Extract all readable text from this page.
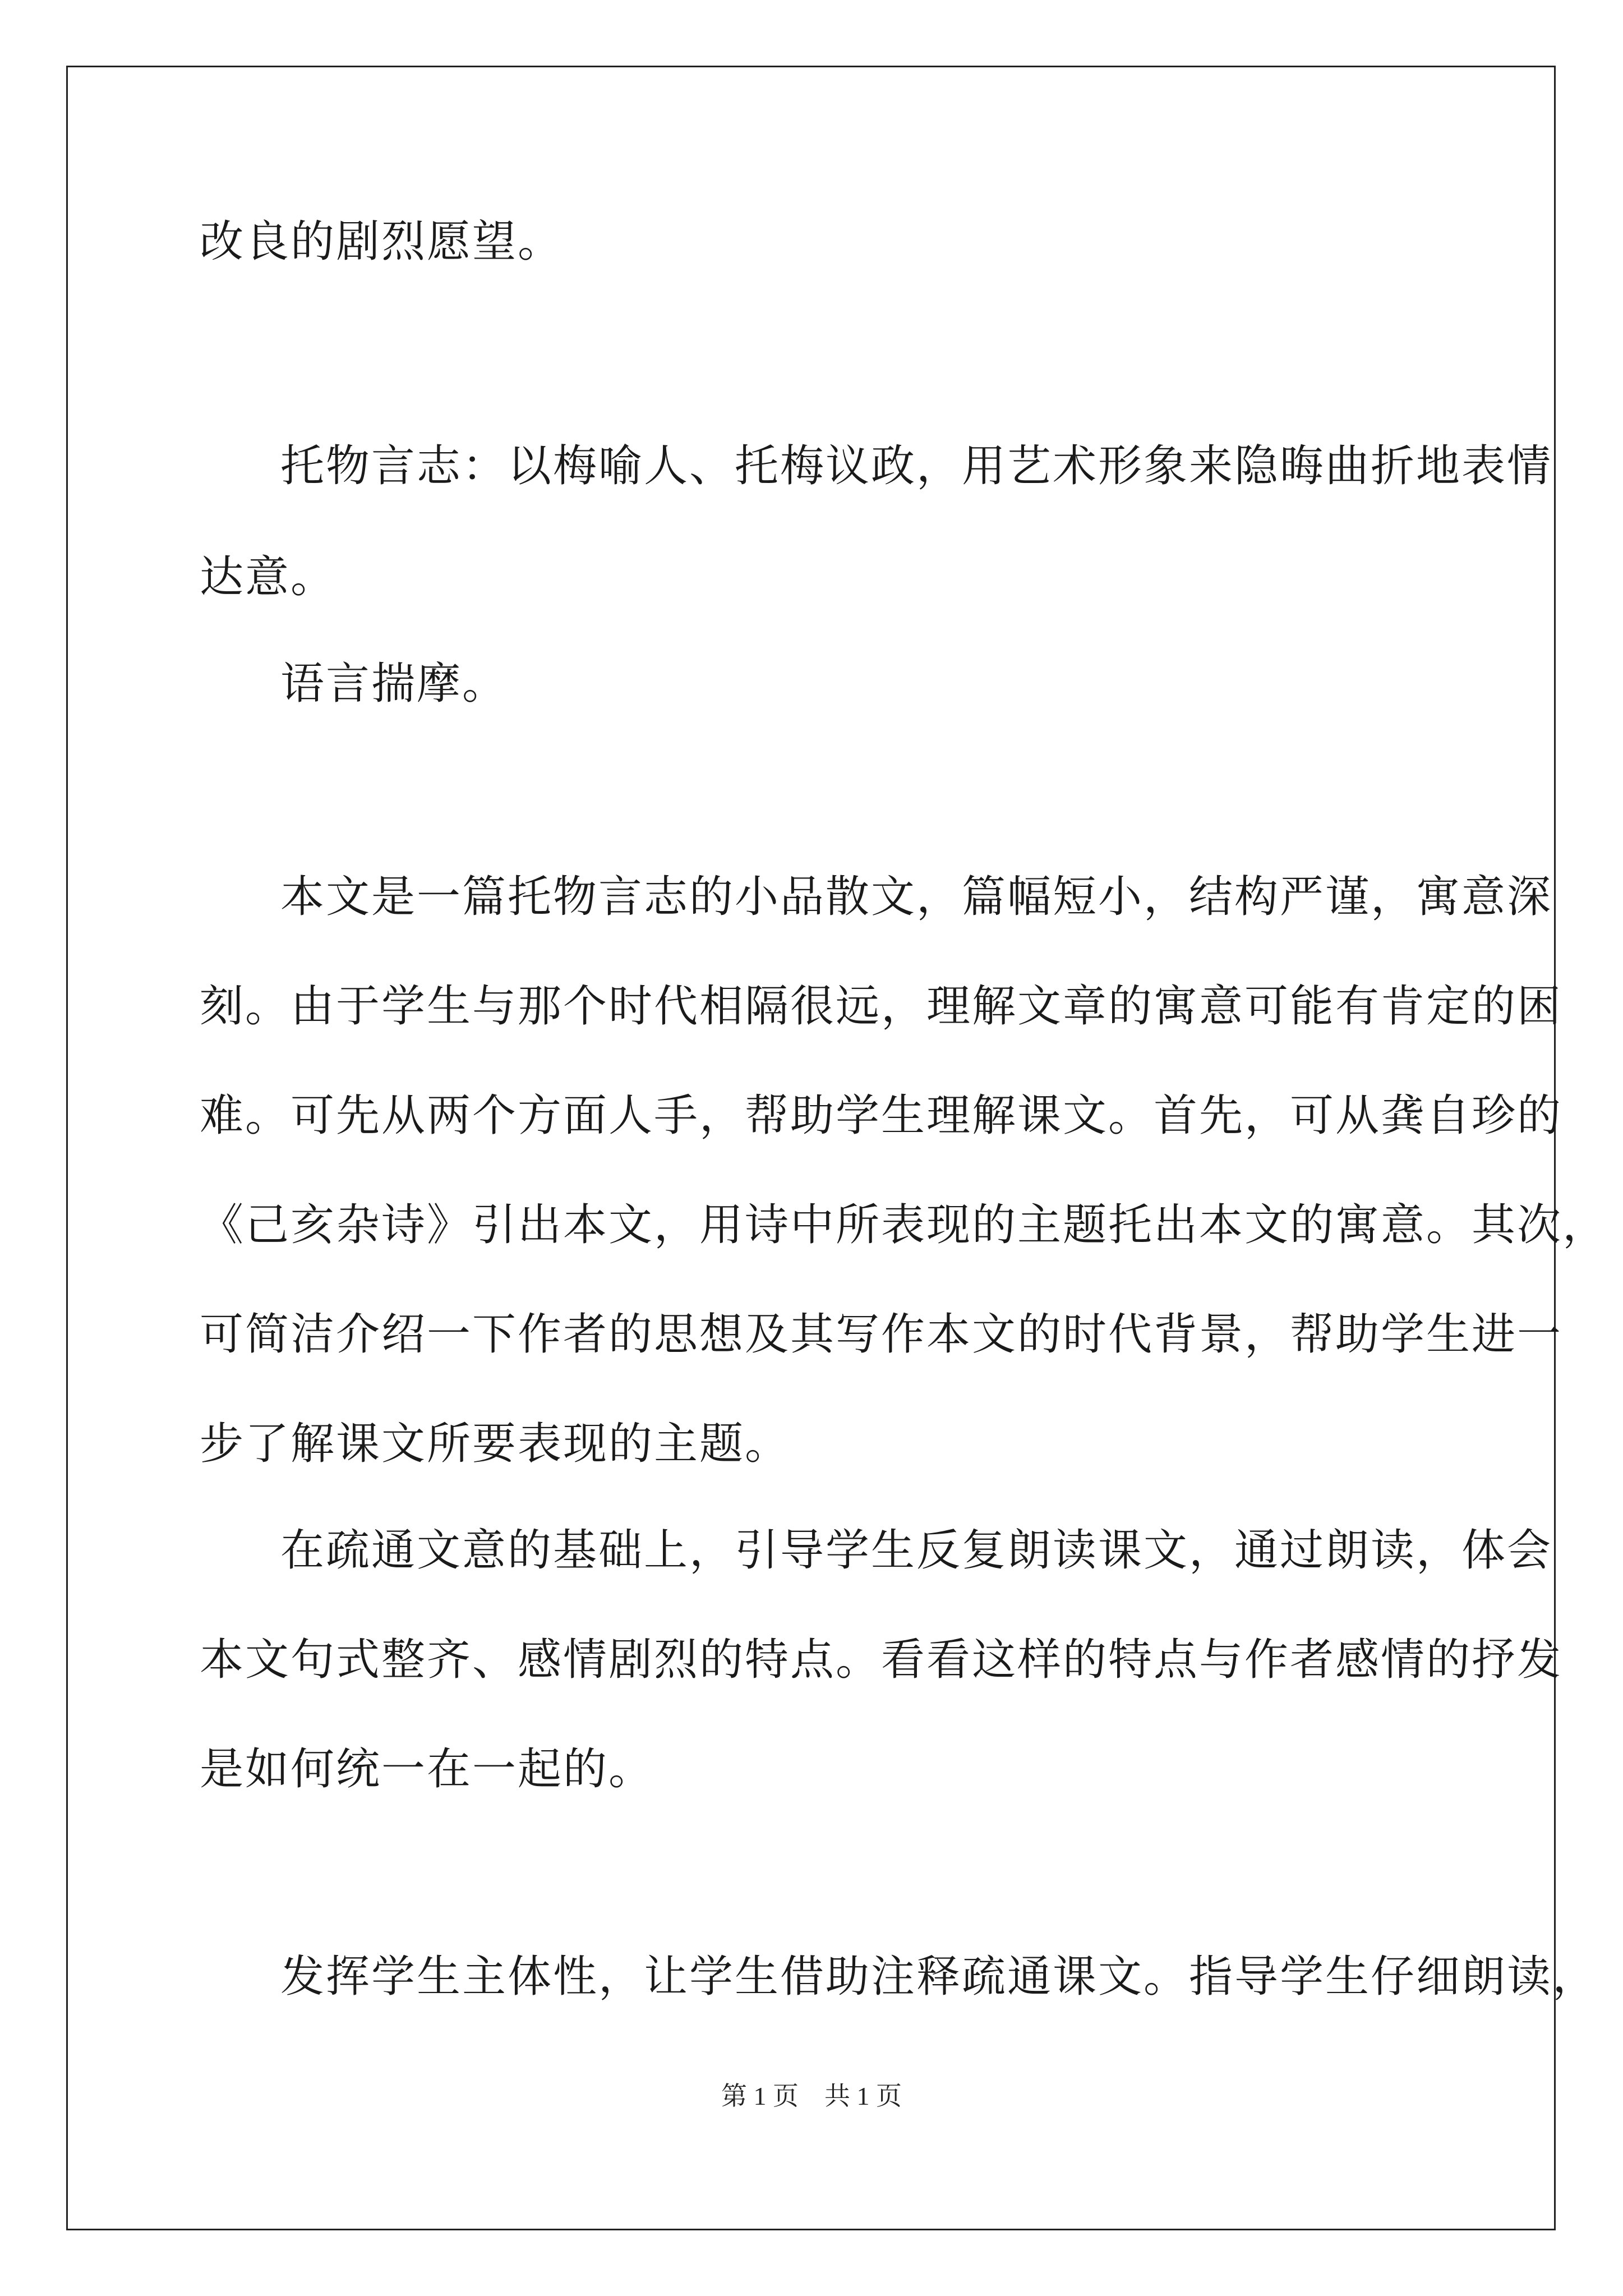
改良的剧烈愿望。
托物言志：以梅喻人、托梅议政，用艺术形象来隐晦曲折地表情
达意。
语言揣摩。
本文是一篇托物言志的小品散文，篇幅短小，结构严谨，寓意深
刻。由于学生与那个时代相隔很远，理解文章的寓意可能有肯定的困
难。可先从两个方面人手，帮助学生理解课文。首先，可从龚自珍的
《己亥杂诗》引出本文，用诗中所表现的主题托出本文的寓意。其次，
可简洁介绍一下作者的思想及其写作本文的时代背景，帮助学生进一
步了解课文所要表现的主题。
在疏通文意的基础上，引导学生反复朗读课文，通过朗读，体会
本文句式整齐、感情剧烈的特点。看看这样的特点与作者感情的抒发
是如何统一在一起的。
发挥学生主体性，让学生借助注释疏通课文。指导学生仔细朗读，
第 1 页    共 1 页
